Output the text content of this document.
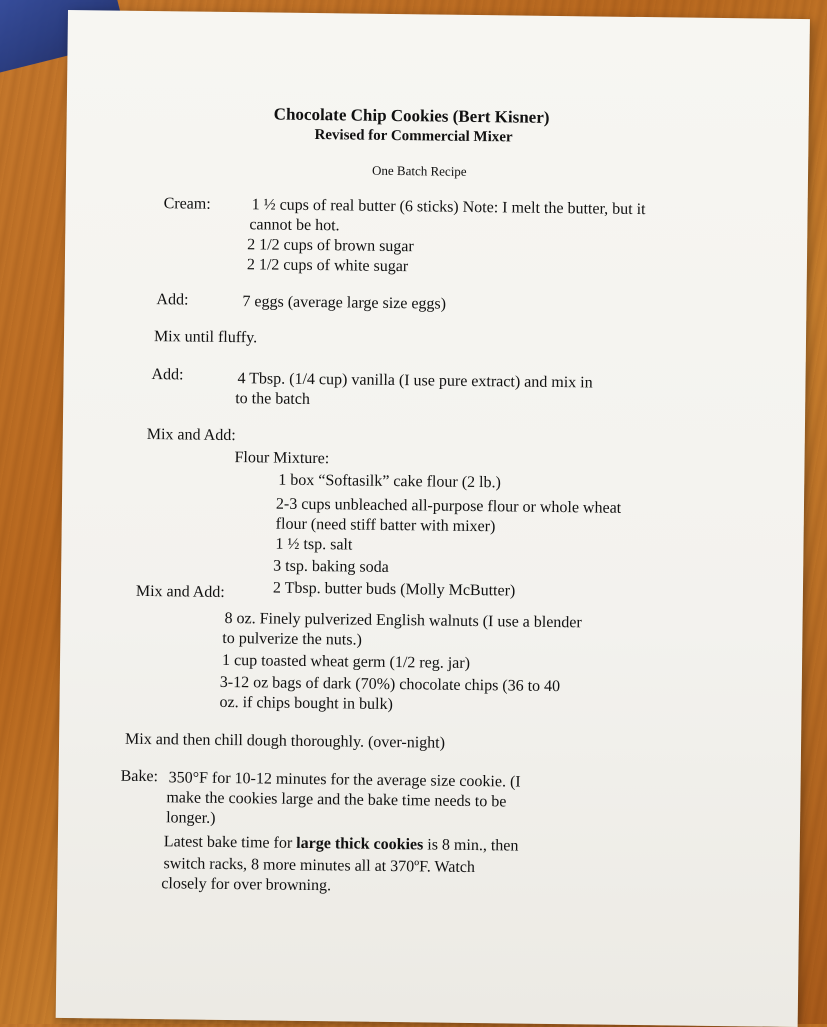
Chocolate Chip Cookies (Bert Kisner)
Revised for Commercial Mixer
One Batch Recipe
Cream:	1 ½ cups of real butter (6 sticks) Note: I melt the butter, but it
cannot be hot.
2 1/2 cups of brown sugar
2 1/2 cups of white sugar
Add:	7 eggs (average large size eggs)
Mix until fluffy.
Add:	4 Tbsp. (1/4 cup) vanilla (I use pure extract) and mix in
to the batch
Mix and Add:
Flour Mixture:
1 box “Softasilk” cake flour (2 lb.)
2-3 cups unbleached all-purpose flour or whole wheat
flour (need stiff batter with mixer)
1 ½ tsp. salt
3 tsp. baking soda
2 Tbsp. butter buds (Molly McButter)
Mix and Add:
8 oz. Finely pulverized English walnuts (I use a blender
to pulverize the nuts.)
1 cup toasted wheat germ (1/2 reg. jar)
3-12 oz bags of dark (70%) chocolate chips (36 to 40
oz. if chips bought in bulk)
Mix and then chill dough thoroughly. (over-night)
Bake: 350°F for 10-12 minutes for the average size cookie. (I
make the cookies large and the bake time needs to be
longer.)
Latest bake time for large thick cookies is 8 min., then
switch racks, 8 more minutes all at 370ºF. Watch
closely for over browning.
